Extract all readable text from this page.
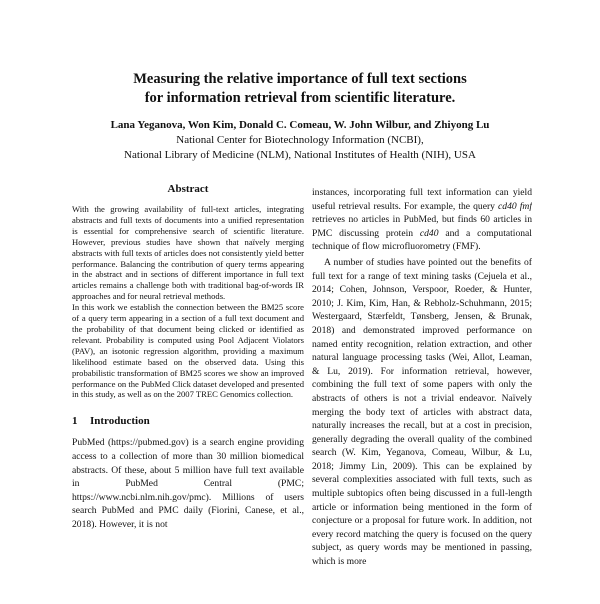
Measuring the relative importance of full text sections
for information retrieval from scientific literature.
Lana Yeganova, Won Kim, Donald C. Comeau, W. John Wilbur, and Zhiyong Lu
National Center for Biotechnology Information (NCBI),
National Library of Medicine (NLM), National Institutes of Health (NIH), USA
Abstract

With the growing availability of full-text articles, integrating abstracts and full texts of documents into a unified representation is essential for comprehensive search of scientific literature. However, previous studies have shown that naïvely merging abstracts with full texts of articles does not consistently yield better performance. Balancing the contribution of query terms appearing in the abstract and in sections of different importance in full text articles remains a challenge both with traditional bag-of-words IR approaches and for neural retrieval methods.

In this work we establish the connection between the BM25 score of a query term appearing in a section of a full text document and the probability of that document being clicked or identified as relevant. Probability is computed using Pool Adjacent Violators (PAV), an isotonic regression algorithm, providing a maximum likelihood estimate based on the observed data. Using this probabilistic transformation of BM25 scores we show an improved performance on the PubMed Click dataset developed and presented in this study, as well as on the 2007 TREC Genomics collection.

1 Introduction

PubMed (https://pubmed.gov) is a search engine providing access to a collection of more than 30 million biomedical abstracts. Of these, about 5 million have full text available in PubMed Central (PMC; https://www.ncbi.nlm.nih.gov/pmc). Millions of users search PubMed and PMC daily (Fiorini, Canese, et al., 2018). However, it is not

instances, incorporating full text information can yield useful retrieval results. For example, the query cd40 fmf retrieves no articles in PubMed, but finds 60 articles in PMC discussing protein cd40 and a computational technique of flow microfluorometry (FMF).

A number of studies have pointed out the benefits of full text for a range of text mining tasks (Cejuela et al., 2014; Cohen, Johnson, Verspoor, Roeder, & Hunter, 2010; J. Kim, Kim, Han, & Rebholz-Schuhmann, 2015; Westergaard, Stærfeldt, Tønsberg, Jensen, & Brunak, 2018) and demonstrated improved performance on named entity recognition, relation extraction, and other natural language processing tasks (Wei, Allot, Leaman, & Lu, 2019). For information retrieval, however, combining the full text of some papers with only the abstracts of others is not a trivial endeavor. Naïvely merging the body text of articles with abstract data, naturally increases the recall, but at a cost in precision, generally degrading the overall quality of the combined search (W. Kim, Yeganova, Comeau, Wilbur, & Lu, 2018; Jimmy Lin, 2009). This can be explained by several complexities associated with full texts, such as multiple subtopics often being discussed in a full-length article or information being mentioned in the form of conjecture or a proposal for future work. In addition, not every record matching the query is focused on the query subject, as query words may be mentioned in passing, which is more
